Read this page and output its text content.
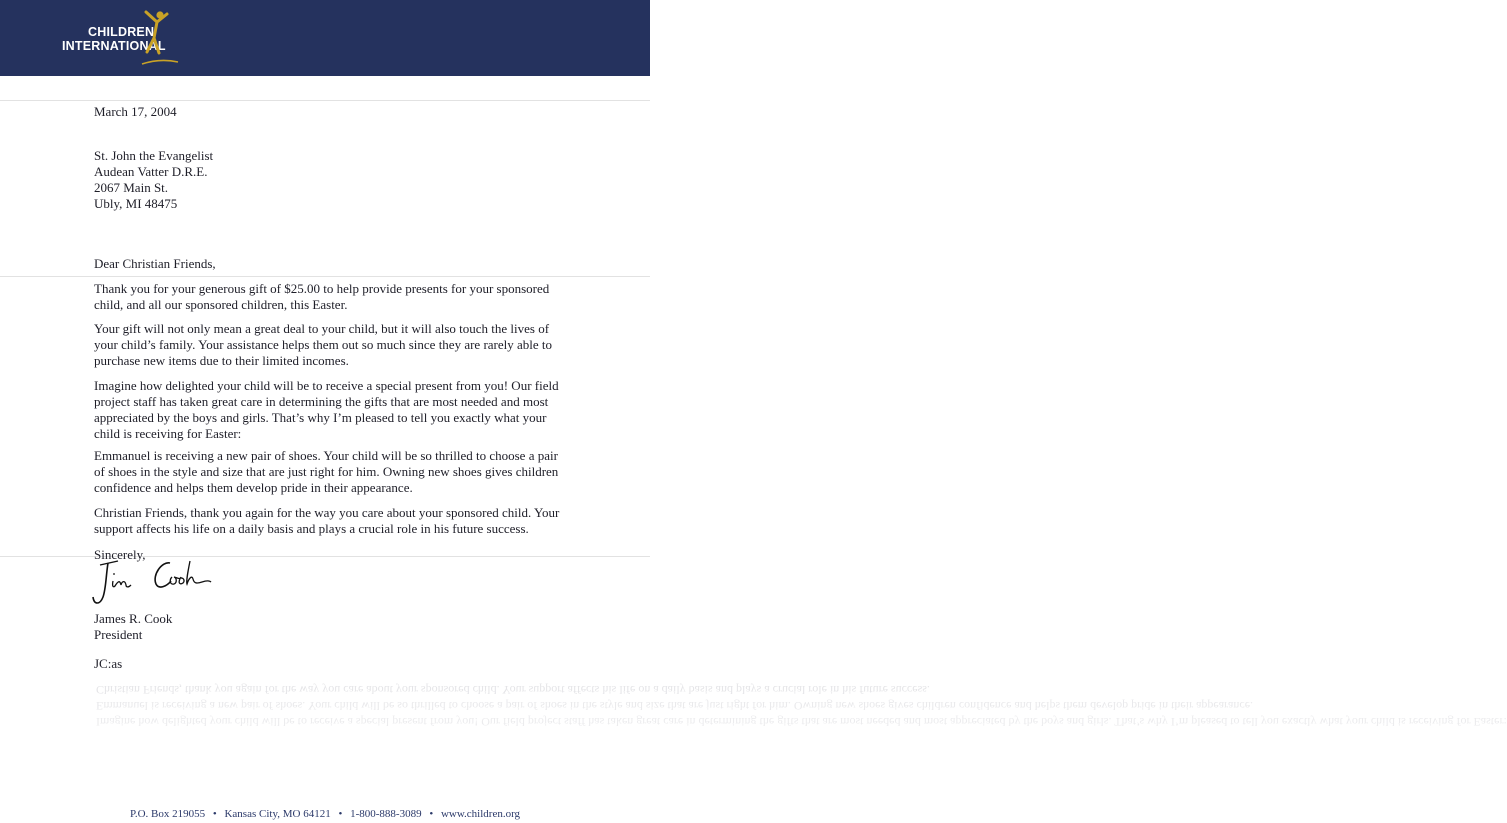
CHILDREN
INTERNATIONAL
March 17, 2004
St. John the Evangelist
Audean Vatter D.R.E.
2067 Main St.
Ubly, MI 48475
Dear Christian Friends,
Thank you for your generous gift of $25.00 to help provide presents for your sponsored child, and all our sponsored children, this Easter.
Your gift will not only mean a great deal to your child, but it will also touch the lives of your child’s family. Your assistance helps them out so much since they are rarely able to purchase new items due to their limited incomes.
Imagine how delighted your child will be to receive a special present from you! Our field project staff has taken great care in determining the gifts that are most needed and most appreciated by the boys and girls. That’s why I’m pleased to tell you exactly what your child is receiving for Easter:
Emmanuel is receiving a new pair of shoes. Your child will be so thrilled to choose a pair of shoes in the style and size that are just right for him. Owning new shoes gives children confidence and helps them develop pride in their appearance.
Christian Friends, thank you again for the way you care about your sponsored child. Your support affects his life on a daily basis and plays a crucial role in his future success.
Sincerely,
James R. Cook
President
JC:as
Christian Friends, thank you again for the way you care about your sponsored child. Your support affects his life on a daily basis and plays a crucial role in his future success.
Emmanuel is receiving a new pair of shoes. Your child will be so thrilled to choose a pair of shoes in the style and size that are just right for him. Owning new shoes gives children confidence and helps them develop pride in their appearance.
Imagine how delighted your child will be to receive a special present from you! Our field project staff has taken great care in determining the gifts that are most needed and most appreciated by the boys and girls. That’s why I’m pleased to tell you exactly what your child is receiving for Easter:
P.O. Box 219055 • Kansas City, MO 64121 • 1-800-888-3089 • www.children.org
